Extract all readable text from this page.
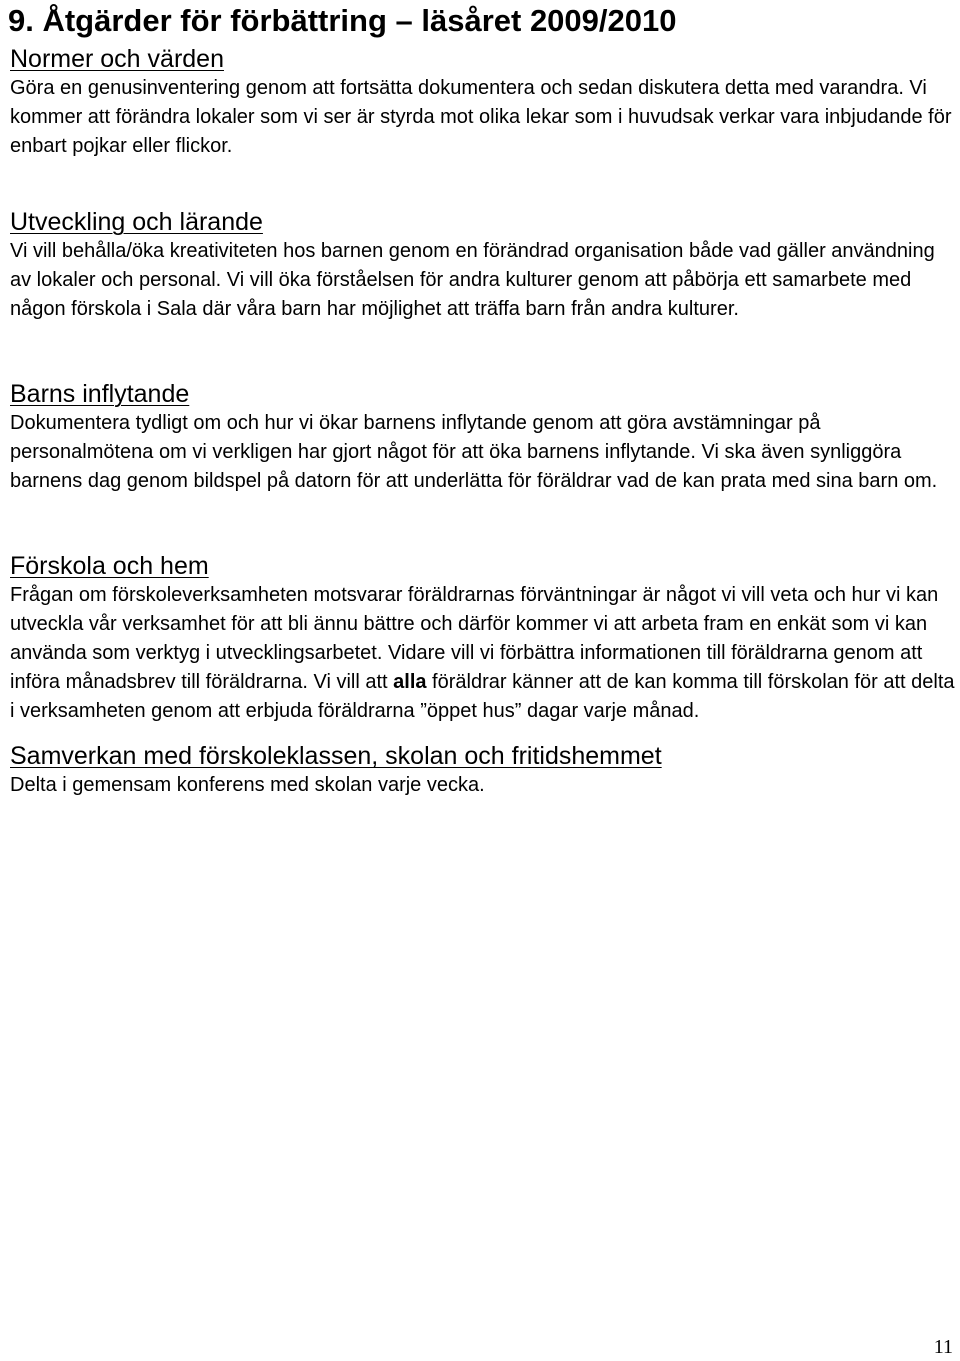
9. Åtgärder för förbättring – läsåret 2009/2010
Normer och värden

Göra en genusinventering genom att fortsätta dokumentera och sedan diskutera detta med varandra. Vi kommer att förändra lokaler som vi ser är styrda mot olika lekar som i huvudsak verkar vara inbjudande för enbart pojkar eller flickor.

Utveckling och lärande

Vi vill behålla/öka kreativiteten hos barnen genom en förändrad organisation både vad gäller användning av lokaler och personal. Vi vill öka förståelsen för andra kulturer genom att påbörja ett samarbete med någon förskola i Sala där våra barn har möjlighet att träffa barn från andra kulturer.

Barns inflytande

Dokumentera tydligt om och hur vi ökar barnens inflytande genom att göra avstämningar på personalmötena om vi verkligen har gjort något för att öka barnens inflytande. Vi ska även synliggöra barnens dag genom bildspel på datorn för att underlätta för föräldrar vad de kan prata med sina barn om.

Förskola och hem

Frågan om förskoleverksamheten motsvarar föräldrarnas förväntningar är något vi vill veta och hur vi kan utveckla vår verksamhet för att bli ännu bättre och därför kommer vi att arbeta fram en enkät som vi kan använda som verktyg i utvecklingsarbetet. Vidare vill vi förbättra informationen till föräldrarna genom att införa månadsbrev till föräldrarna. Vi vill att alla föräldrar känner att de kan komma till förskolan för att delta i verksamheten genom att erbjuda föräldrarna ”öppet hus” dagar varje månad.

Samverkan med förskoleklassen, skolan och fritidshemmet

Delta i gemensam konferens med skolan varje vecka.

11
